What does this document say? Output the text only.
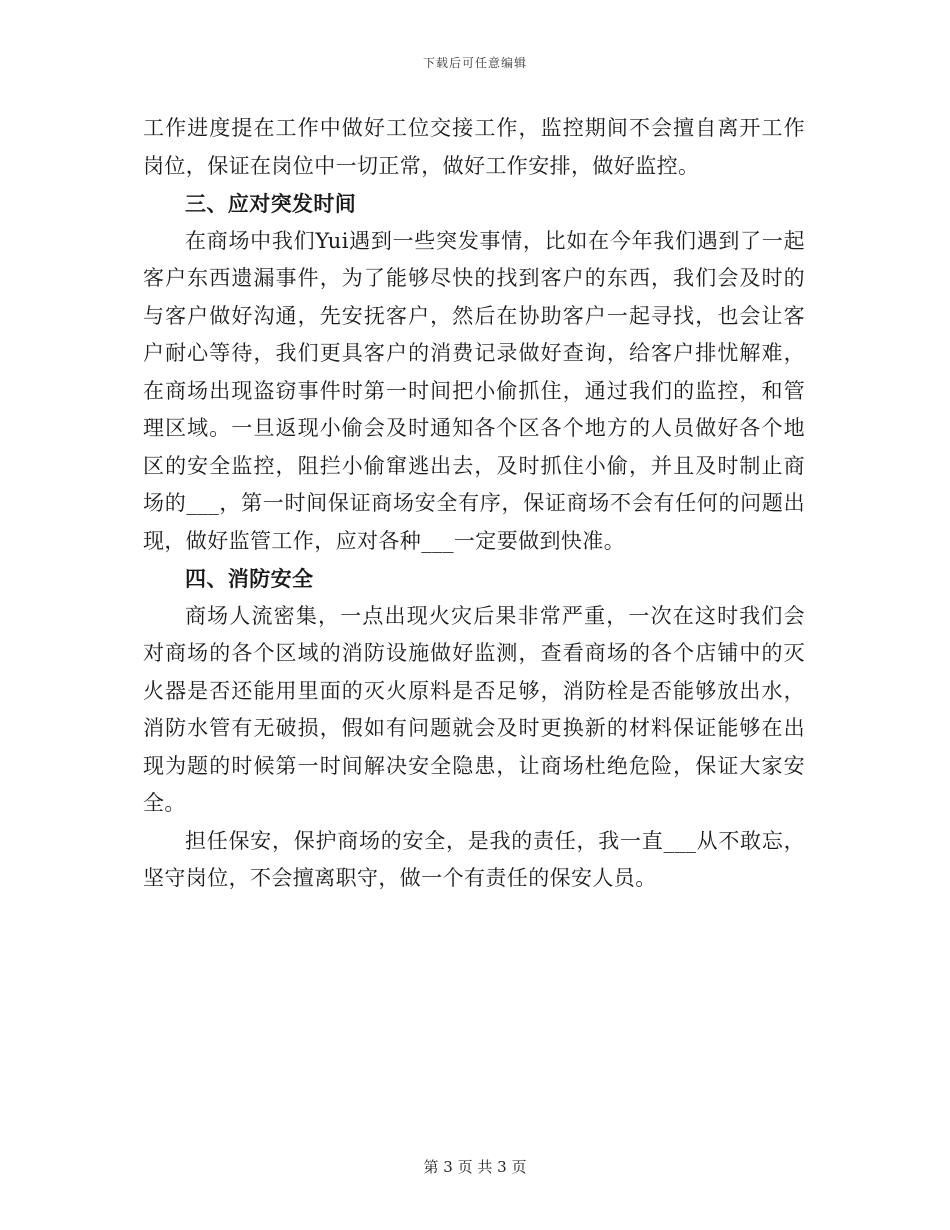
下载后可任意编辑

工作进度提在工作中做好工位交接工作，监控期间不会擅自离开工作岗位，保证在岗位中一切正常，做好工作安排，做好监控。

三、应对突发时间

在商场中我们Yui遇到一些突发事情，比如在今年我们遇到了一起客户东西遗漏事件，为了能够尽快的找到客户的东西，我们会及时的与客户做好沟通，先安抚客户，然后在协助客户一起寻找，也会让客户耐心等待，我们更具客户的消费记录做好查询，给客户排忧解难，在商场出现盗窃事件时第一时间把小偷抓住，通过我们的监控，和管理区域。一旦返现小偷会及时通知各个区各个地方的人员做好各个地区的安全监控，阻拦小偷窜逃出去，及时抓住小偷，并且及时制止商场的___，第一时间保证商场安全有序，保证商场不会有任何的问题出现，做好监管工作，应对各种___一定要做到快准。

四、消防安全

商场人流密集，一点出现火灾后果非常严重，一次在这时我们会对商场的各个区域的消防设施做好监测，查看商场的各个店铺中的灭火器是否还能用里面的灭火原料是否足够，消防栓是否能够放出水，消防水管有无破损，假如有问题就会及时更换新的材料保证能够在出现为题的时候第一时间解决安全隐患，让商场杜绝危险，保证大家安全。

担任保安，保护商场的安全，是我的责任，我一直___从不敢忘，坚守岗位，不会擅离职守，做一个有责任的保安人员。

第 3 页 共 3 页
